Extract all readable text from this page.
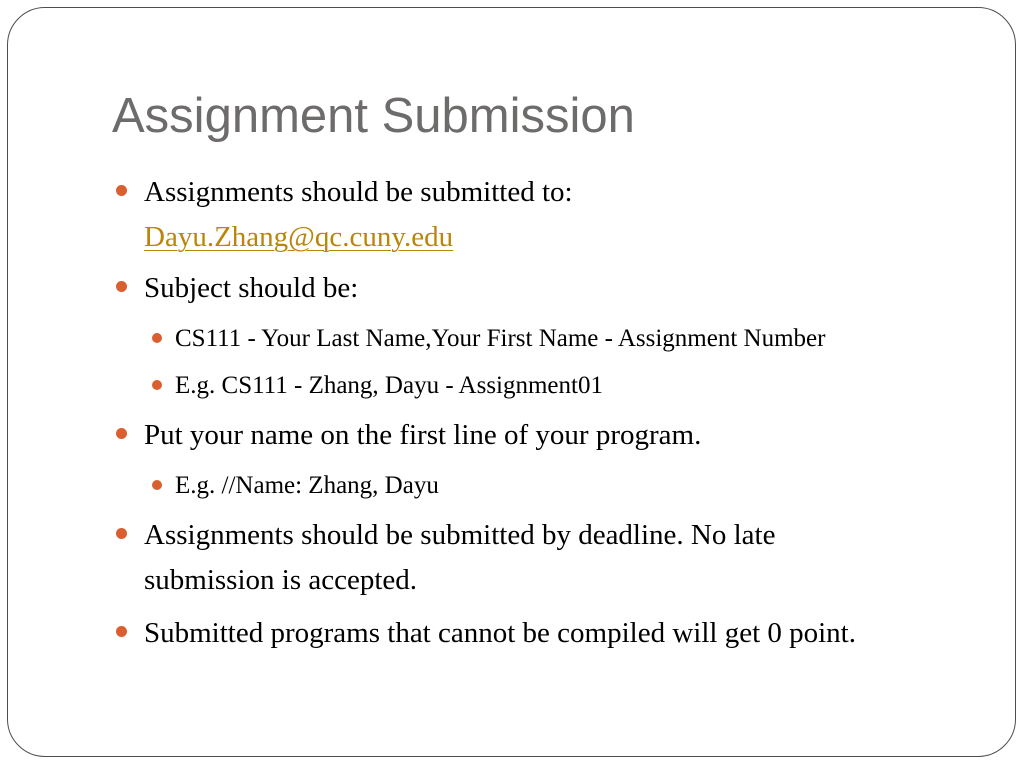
Assignment Submission
Assignments should be submitted to:
Dayu.Zhang@qc.cuny.edu
Subject should be:
CS111 - Your Last Name,Your First Name - Assignment Number
E.g. CS111 - Zhang, Dayu - Assignment01
Put your name on the first line of your program.
E.g. //Name: Zhang, Dayu
Assignments should be submitted by deadline. No late
submission is accepted.
Submitted programs that cannot be compiled will get 0 point.
